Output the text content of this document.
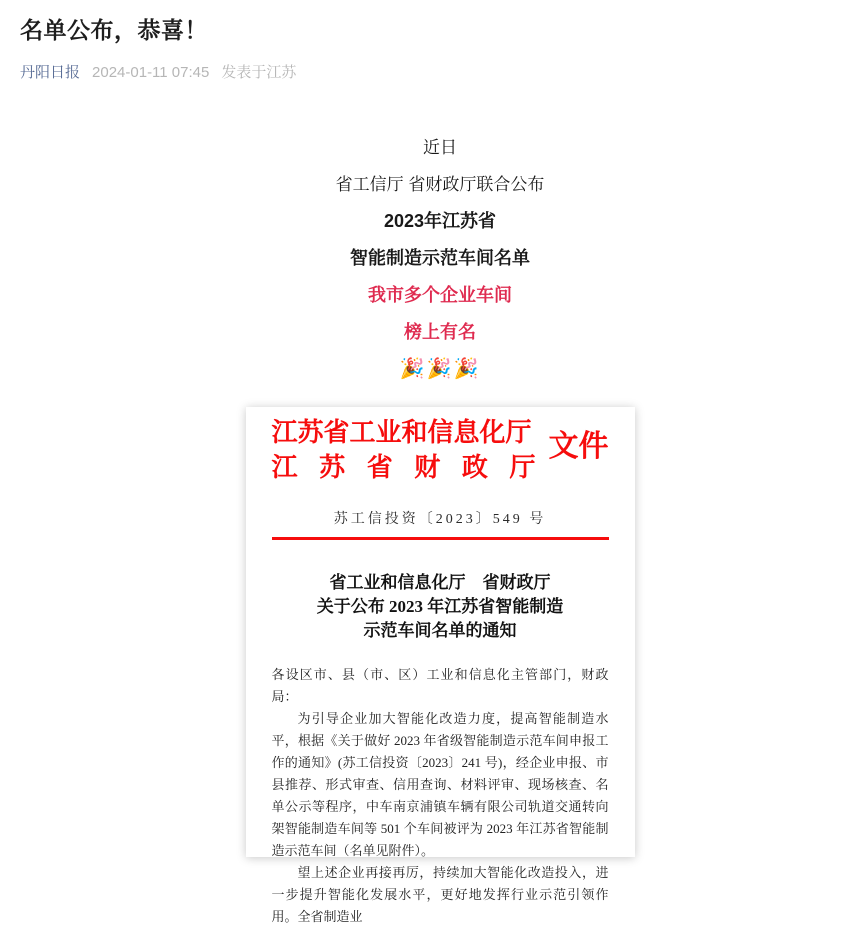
名单公布，恭喜！
丹阳日报 2024-01-11 07:45 发表于江苏

近日

省工信厅 省财政厅联合公布

2023年江苏省

智能制造示范车间名单

我市多个企业车间

榜上有名

🎉🎉🎉

江苏省工业和信息化厅
江苏省财政厅
文件
苏工信投资〔2023〕549 号
省工业和信息化厅　省财政厅
关于公布 2023 年江苏省智能制造
示范车间名单的通知

各设区市、县（市、区）工业和信息化主管部门，财政局：

为引导企业加大智能化改造力度，提高智能制造水平，根据《关于做好 2023 年省级智能制造示范车间申报工作的通知》(苏工信投资〔2023〕241 号)，经企业申报、市县推荐、形式审查、信用查询、材料评审、现场核查、名单公示等程序，中车南京浦镇车辆有限公司轨道交通转向架智能制造车间等 501 个车间被评为 2023 年江苏省智能制造示范车间（名单见附件）。

望上述企业再接再厉，持续加大智能化改造投入，进一步提升智能化发展水平，更好地发挥行业示范引领作用。全省制造业
